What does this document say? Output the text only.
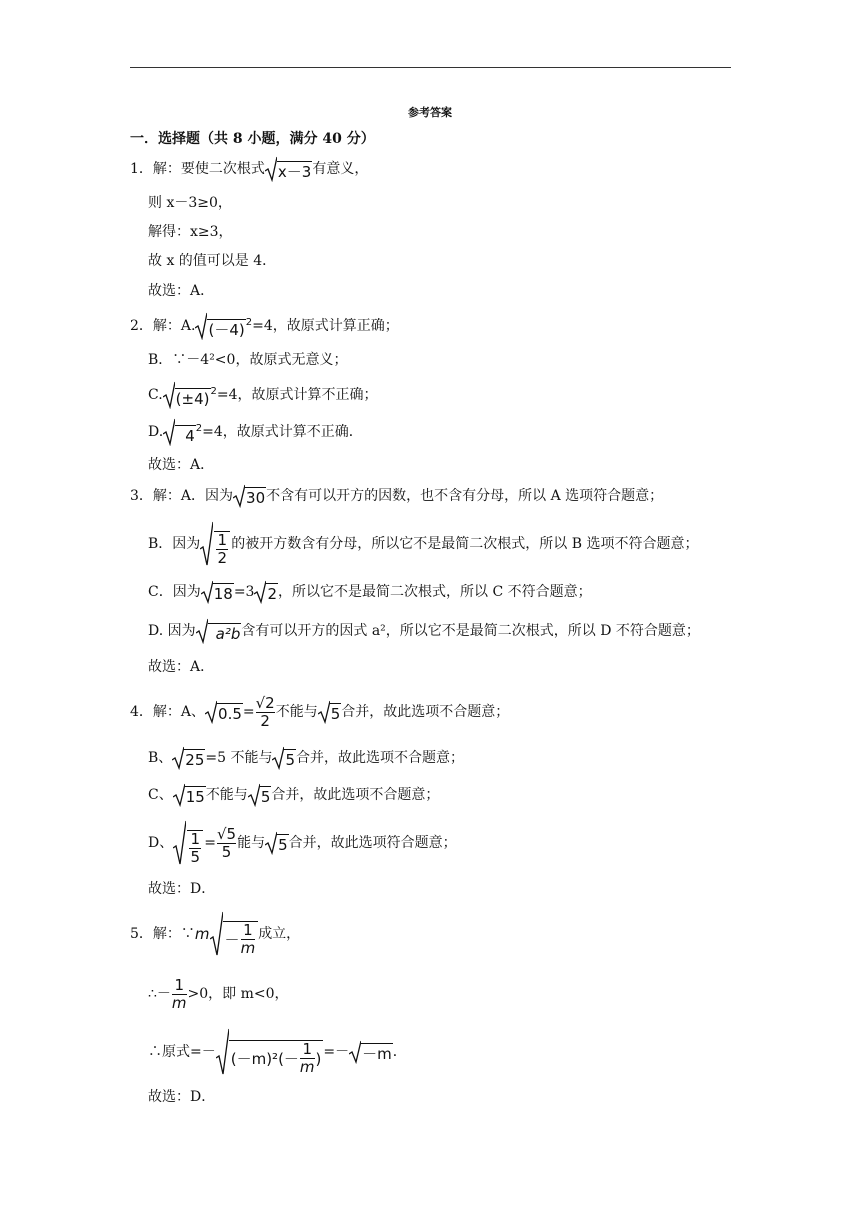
参考答案
一．选择题（共 8 小题，满分 40 分）
1．解：要使二次根式 x－3 有意义，
则 x－3≥0，
解得：x≥3，
故 x 的值可以是 4．
故选：A．
2．解：A. $(-4)^2 =4$，故原式计算正确；
B．∵－4²<0，故原式无意义；
C. $(\pm 4)^2 =4$，故原式计算不正确；
D.	$4^2 =4$，故原式计算不正确．
故选：A．
3．解：A．因为 30 不含有可以开方的因数，也不含有分母，所以 A 选项符合题意；
B．因为 $\frac{1}{2}$ 的被开方数含有分母，所以它不是最简二次根式，所以 B 选项不符合题意；
C．因为 18 =3 2 ，所以它不是最简二次根式，所以 C 不符合题意；
D. 因为	a²b 含有可以开方的因式 a²，所以它不是最简二次根式，所以 D 不符合题意；
故选：A．
4．解：A、 $0.5 = \frac{√2}{2}$ 不能与 5 合并，故此选项不合题意；
B、 25 =5 不能与 5 合并，故此选项不合题意；
C、 15 不能与 5 合并，故此选项不合题意；
D、 $\frac{1}{5} = \frac{√5}{5}$ 能与 5 合并，故此选项符合题意；
故选：D．
5．解：∵ $m - \frac{1}{m}$ 成立，
∴－ $\frac{1}{m} >0$，即 m<0，
∴原式=－ $(-m)^2(- \frac{1}{m}$ ) =－ －m ．
故选：D．
